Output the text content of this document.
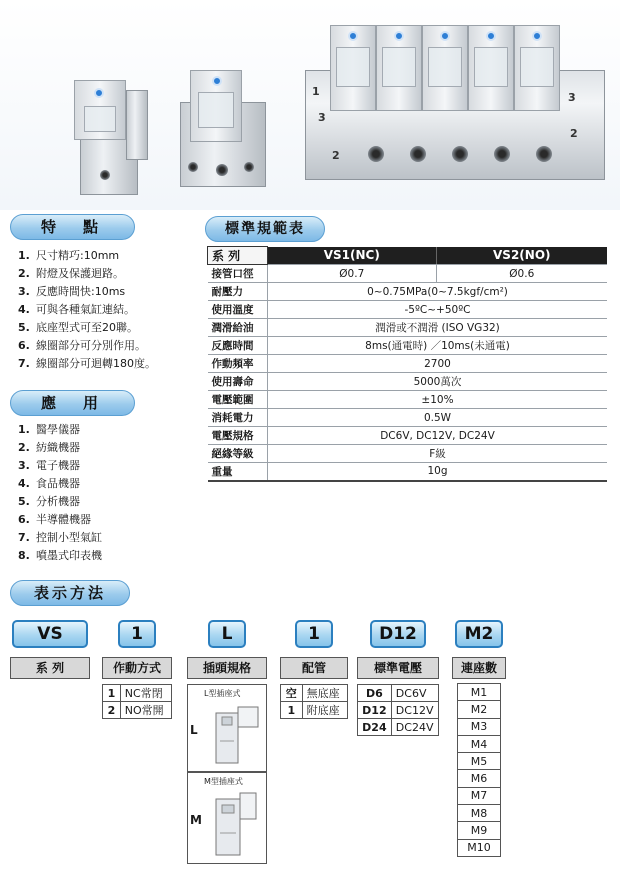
1
3
2
3
2
特　點
1. 尺寸精巧:10mm
2. 附燈及保護迴路。
3. 反應時間快:10ms
4. 可與各種氣缸連結。
5. 底座型式可至20聯。
6. 線圈部分可分別作用。
7. 線圈部分可迴轉180度。
應　用
1. 醫學儀器
2. 紡織機器
3. 電子機器
4. 食品機器
5. 分析機器
6. 半導體機器
7. 控制小型氣缸
8. 噴墨式印表機
標準規範表
系 列	VS1(NC)	VS2(NO)
接管口徑	Ø0.7	Ø0.6
耐壓力	0~0.75MPa(0~7.5kgf/cm²)	
使用溫度	-5ºC~+50ºC	
潤滑給油	潤滑或不潤滑 (ISO VG32)	
反應時間	8ms(通電時) ／10ms(未通電)	
作動頻率	2700	
使用壽命	5000萬次	
電壓範圍	±10%	
消耗電力	0.5W	
電壓規格	DC6V, DC12V, DC24V	
絕緣等級	F級	
重量	10g	
表示方法
VS	1	L	1	D12	M2
系 列	作動方式	插頭規格	配管	標準電壓	連座數
1	NC常閉
2	NO常開
L型插座式
L
M型插座式
M
空	無底座
1	附底座
D6	DC6V
D12	DC12V
D24	DC24V
M1
M2
M3
M4
M5
M6
M7
M8
M9
M10
